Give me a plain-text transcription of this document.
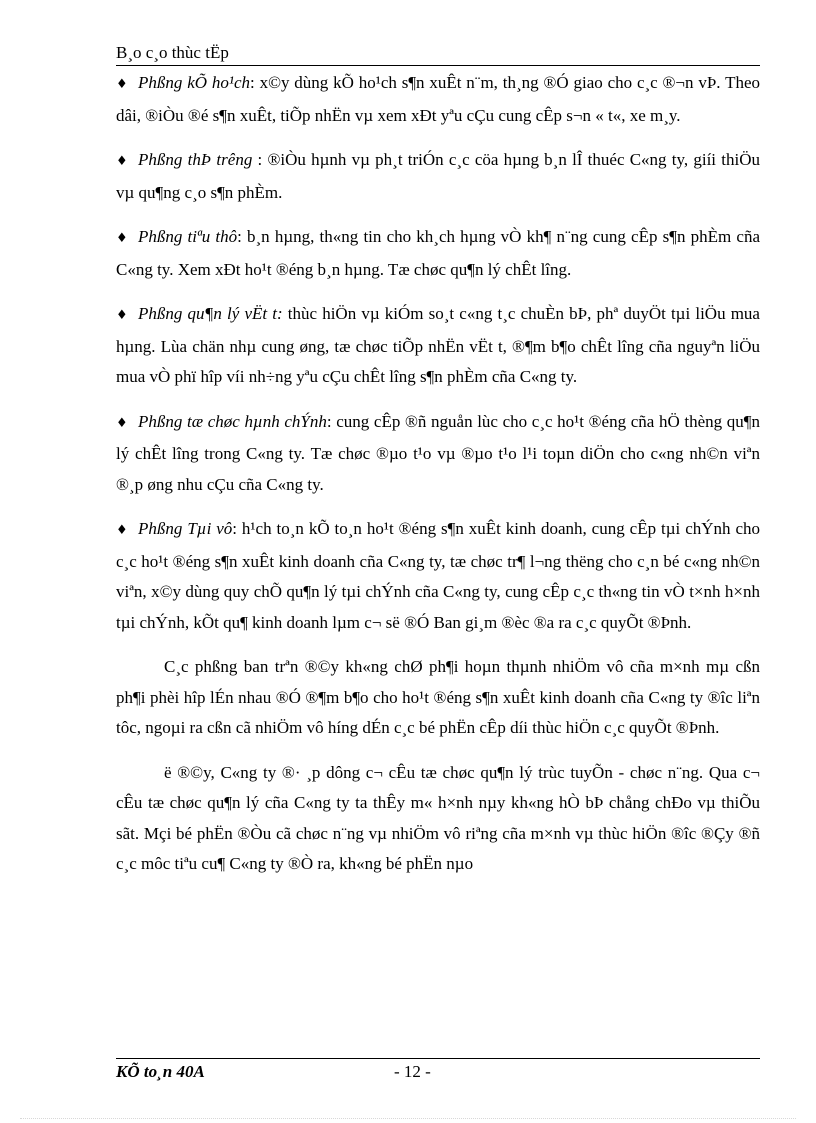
B¸o c¸o thùc tËp

♦ Phßng kÕ ho¹ch: x©y dùng kÕ ho¹ch s¶n xuÊt n¨m, th¸ng ®Ó giao cho c¸c ®¬n vÞ. Theo dâi, ®iÒu ®é s¶n xuÊt, tiÕp nhËn vµ xem xÐt yªu cÇu cung cÊp s¬n « t«, xe m¸y.

♦ Phßng thÞ trêng : ®iÒu hµnh vµ ph¸t triÓn c¸c cöa hµng b¸n lÎ thuéc C«ng ty, giíi thiÖu vµ qu¶ng c¸o s¶n phÈm.

♦ Phßng tiªu thô: b¸n hµng, th«ng tin cho kh¸ch hµng vÒ kh¶ n¨ng cung cÊp s¶n phÈm cña C«ng ty. Xem xÐt ho¹t ®éng b¸n hµng. Tæ chøc qu¶n lý chÊt lîng.

♦ Phßng qu¶n lý vËt t: thùc hiÖn vµ kiÓm so¸t c«ng t¸c chuÈn bÞ, phª duyÖt tµi liÖu mua hµng. Lùa chän nhµ cung øng, tæ chøc tiÕp nhËn vËt t, ®¶m b¶o chÊt lîng cña nguyªn liÖu mua vÒ phï hîp víi nh÷ng yªu cÇu chÊt lîng s¶n phÈm cña C«ng ty.

♦ Phßng tæ chøc hµnh chÝnh: cung cÊp ®ñ nguån lùc cho c¸c ho¹t ®éng cña hÖ thèng qu¶n lý chÊt lîng trong C«ng ty. Tæ chøc ®µo t¹o vµ ®µo t¹o l¹i toµn diÖn cho c«ng nh©n viªn ®¸p øng nhu cÇu cña C«ng ty.

♦ Phßng Tµi vô: h¹ch to¸n kÕ to¸n ho¹t ®éng s¶n xuÊt kinh doanh, cung cÊp tµi chÝnh cho c¸c ho¹t ®éng s¶n xuÊt kinh doanh cña C«ng ty, tæ chøc tr¶ l¬ng thëng cho c¸n bé c«ng nh©n viªn, x©y dùng quy chÕ qu¶n lý tµi chÝnh cña C«ng ty, cung cÊp c¸c th«ng tin vÒ t×nh h×nh tµi chÝnh, kÕt qu¶ kinh doanh lµm c¬ së ®Ó Ban gi¸m ®èc ®a ra c¸c quyÕt ®Þnh.

C¸c phßng ban trªn ®©y kh«ng chØ ph¶i hoµn thµnh nhiÖm vô cña m×nh mµ cßn ph¶i phèi hîp lÉn nhau ®Ó ®¶m b¶o cho ho¹t ®éng s¶n xuÊt kinh doanh cña C«ng ty ®îc liªn tôc, ngoµi ra cßn cã nhiÖm vô híng dÉn c¸c bé phËn cÊp díi thùc hiÖn c¸c quyÕt ®Þnh.

ë ®©y, C«ng ty ®· ¸p dông c¬ cÊu tæ chøc qu¶n lý trùc tuyÕn - chøc n¨ng. Qua c¬ cÊu tæ chøc qu¶n lý cña C«ng ty ta thÊy m« h×nh nµy kh«ng hÒ bÞ chång chÐo vµ thiÕu sãt. Mçi bé phËn ®Òu cã chøc n¨ng vµ nhiÖm vô riªng cña m×nh vµ thùc hiÖn ®îc ®Çy ®ñ c¸c môc tiªu cu¶ C«ng ty ®Ò ra, kh«ng bé phËn nµo

KÕ to¸n 40A	- 12 -
